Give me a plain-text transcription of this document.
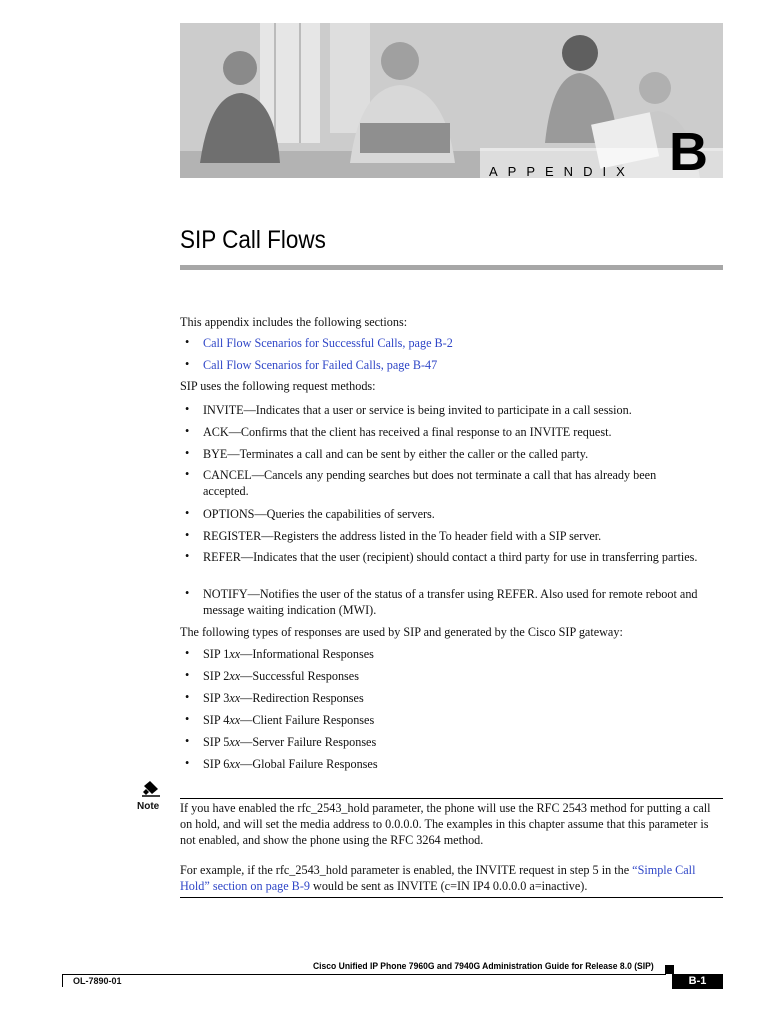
APPENDIX B
SIP Call Flows
This appendix includes the following sections:
• Call Flow Scenarios for Successful Calls, page B-2
• Call Flow Scenarios for Failed Calls, page B-47
SIP uses the following request methods:
• INVITE—Indicates that a user or service is being invited to participate in a call session.
• ACK—Confirms that the client has received a final response to an INVITE request.
• BYE—Terminates a call and can be sent by either the caller or the called party.
• CANCEL—Cancels any pending searches but does not terminate a call that has already been accepted.
• OPTIONS—Queries the capabilities of servers.
• REGISTER—Registers the address listed in the To header field with a SIP server.
• REFER—Indicates that the user (recipient) should contact a third party for use in transferring parties.
• NOTIFY—Notifies the user of the status of a transfer using REFER. Also used for remote reboot and message waiting indication (MWI).
The following types of responses are used by SIP and generated by the Cisco SIP gateway:
• SIP 1xx—Informational Responses
• SIP 2xx—Successful Responses
• SIP 3xx—Redirection Responses
• SIP 4xx—Client Failure Responses
• SIP 5xx—Server Failure Responses
• SIP 6xx—Global Failure Responses
Note If you have enabled the rfc_2543_hold parameter, the phone will use the RFC 2543 method for putting a call on hold, and will set the media address to 0.0.0.0. The examples in this chapter assume that this parameter is not enabled, and show the phone using the RFC 3264 method.
For example, if the rfc_2543_hold parameter is enabled, the INVITE request in step 5 in the “Simple Call Hold” section on page B-9 would be sent as INVITE (c=IN IP4 0.0.0.0 a=inactive).
Cisco Unified IP Phone 7960G and 7940G Administration Guide for Release 8.0 (SIP)
OL-7890-01	B-1
